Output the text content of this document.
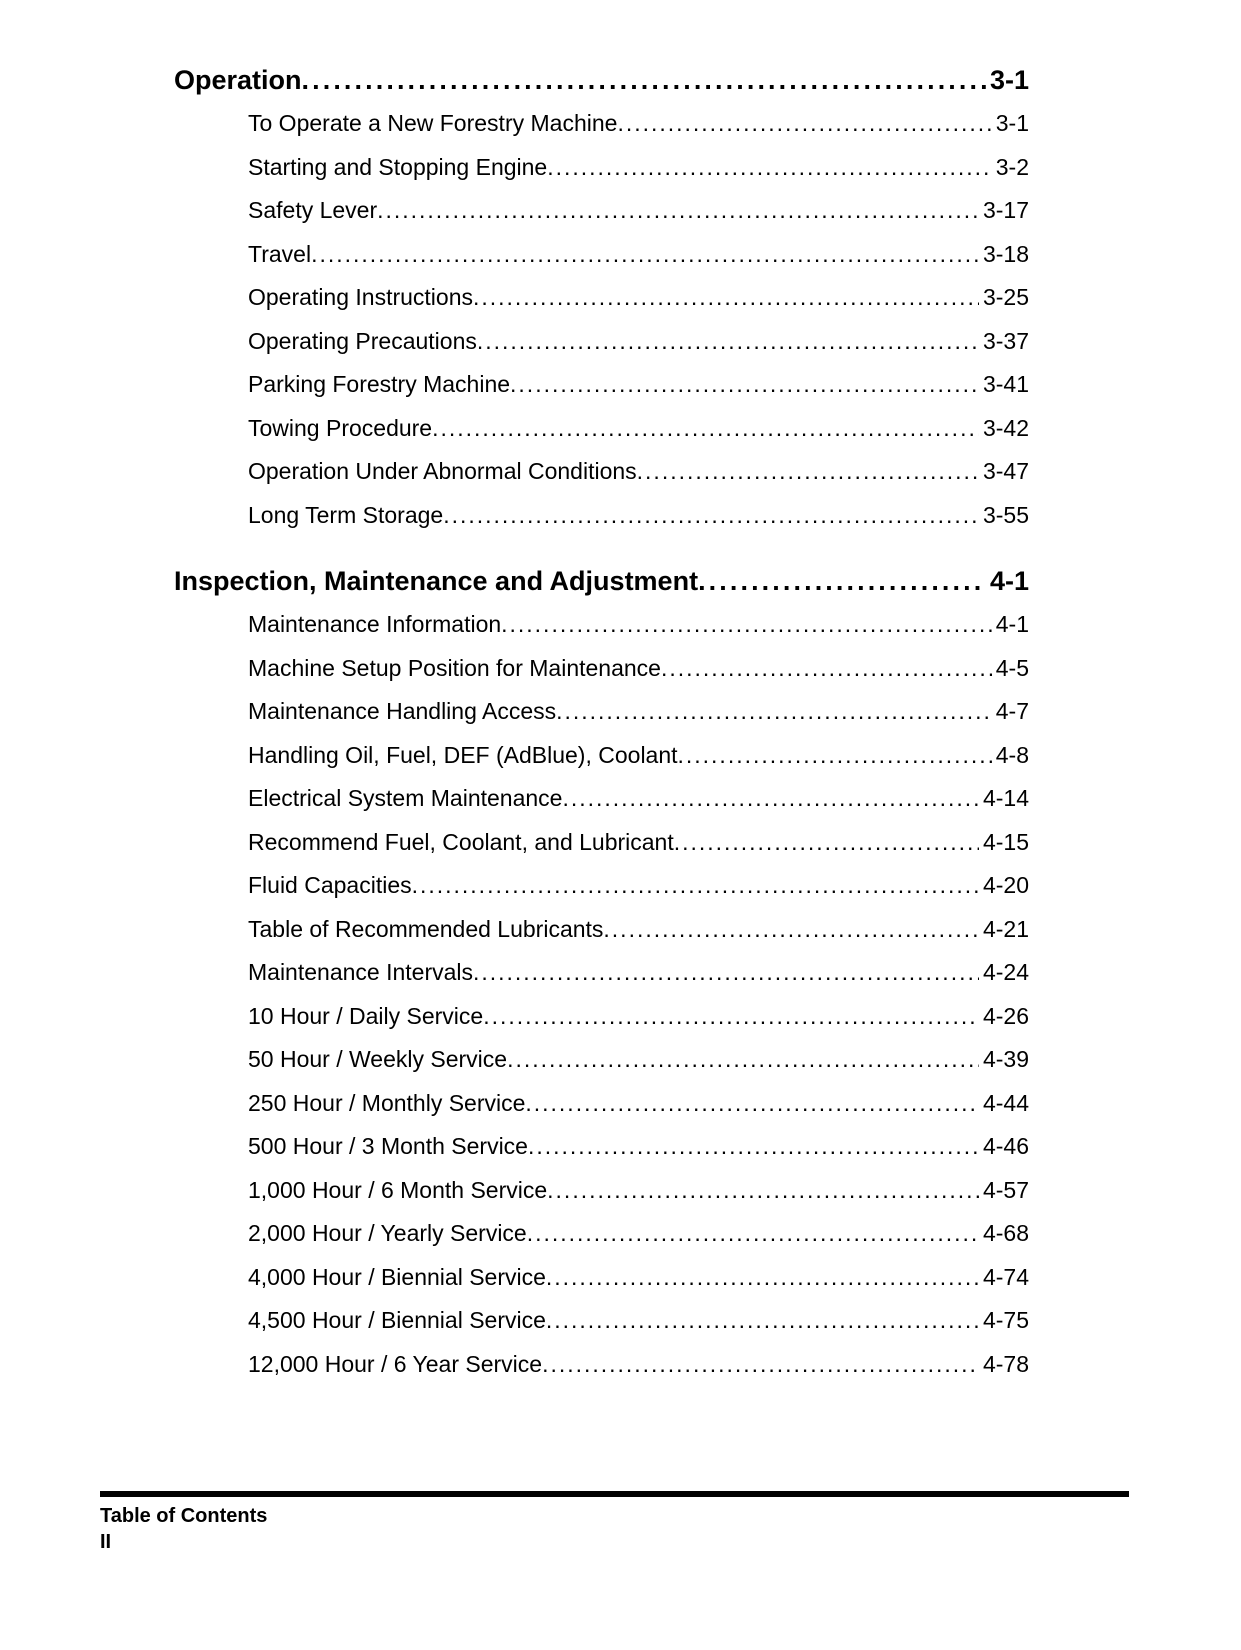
Operation . . .	3-1
To Operate a New Forestry Machine . . .	3-1
Starting and Stopping Engine . . .	3-2
Safety Lever . . .	3-17
Travel . . .	3-18
Operating Instructions . . .	3-25
Operating Precautions . . .	3-37
Parking Forestry Machine . . .	3-41
Towing Procedure . . .	3-42
Operation Under Abnormal Conditions . . .	3-47
Long Term Storage . . .	3-55
Inspection, Maintenance and Adjustment . . .	4-1
Maintenance Information . . .	4-1
Machine Setup Position for Maintenance . . .	4-5
Maintenance Handling Access . . .	4-7
Handling Oil, Fuel, DEF (AdBlue), Coolant . . .	4-8
Electrical System Maintenance . . .	4-14
Recommend Fuel, Coolant, and Lubricant . . .	4-15
Fluid Capacities . . .	4-20
Table of Recommended Lubricants . . .	4-21
Maintenance Intervals . . .	4-24
10 Hour / Daily Service . . .	4-26
50 Hour / Weekly Service . . .	4-39
250 Hour / Monthly Service . . .	4-44
500 Hour / 3 Month Service . . .	4-46
1,000 Hour / 6 Month Service . . .	4-57
2,000 Hour / Yearly Service . . .	4-68
4,000 Hour / Biennial Service . . .	4-74
4,500 Hour / Biennial Service . . .	4-75
12,000 Hour / 6 Year Service . . .	4-78
Table of Contents
II
